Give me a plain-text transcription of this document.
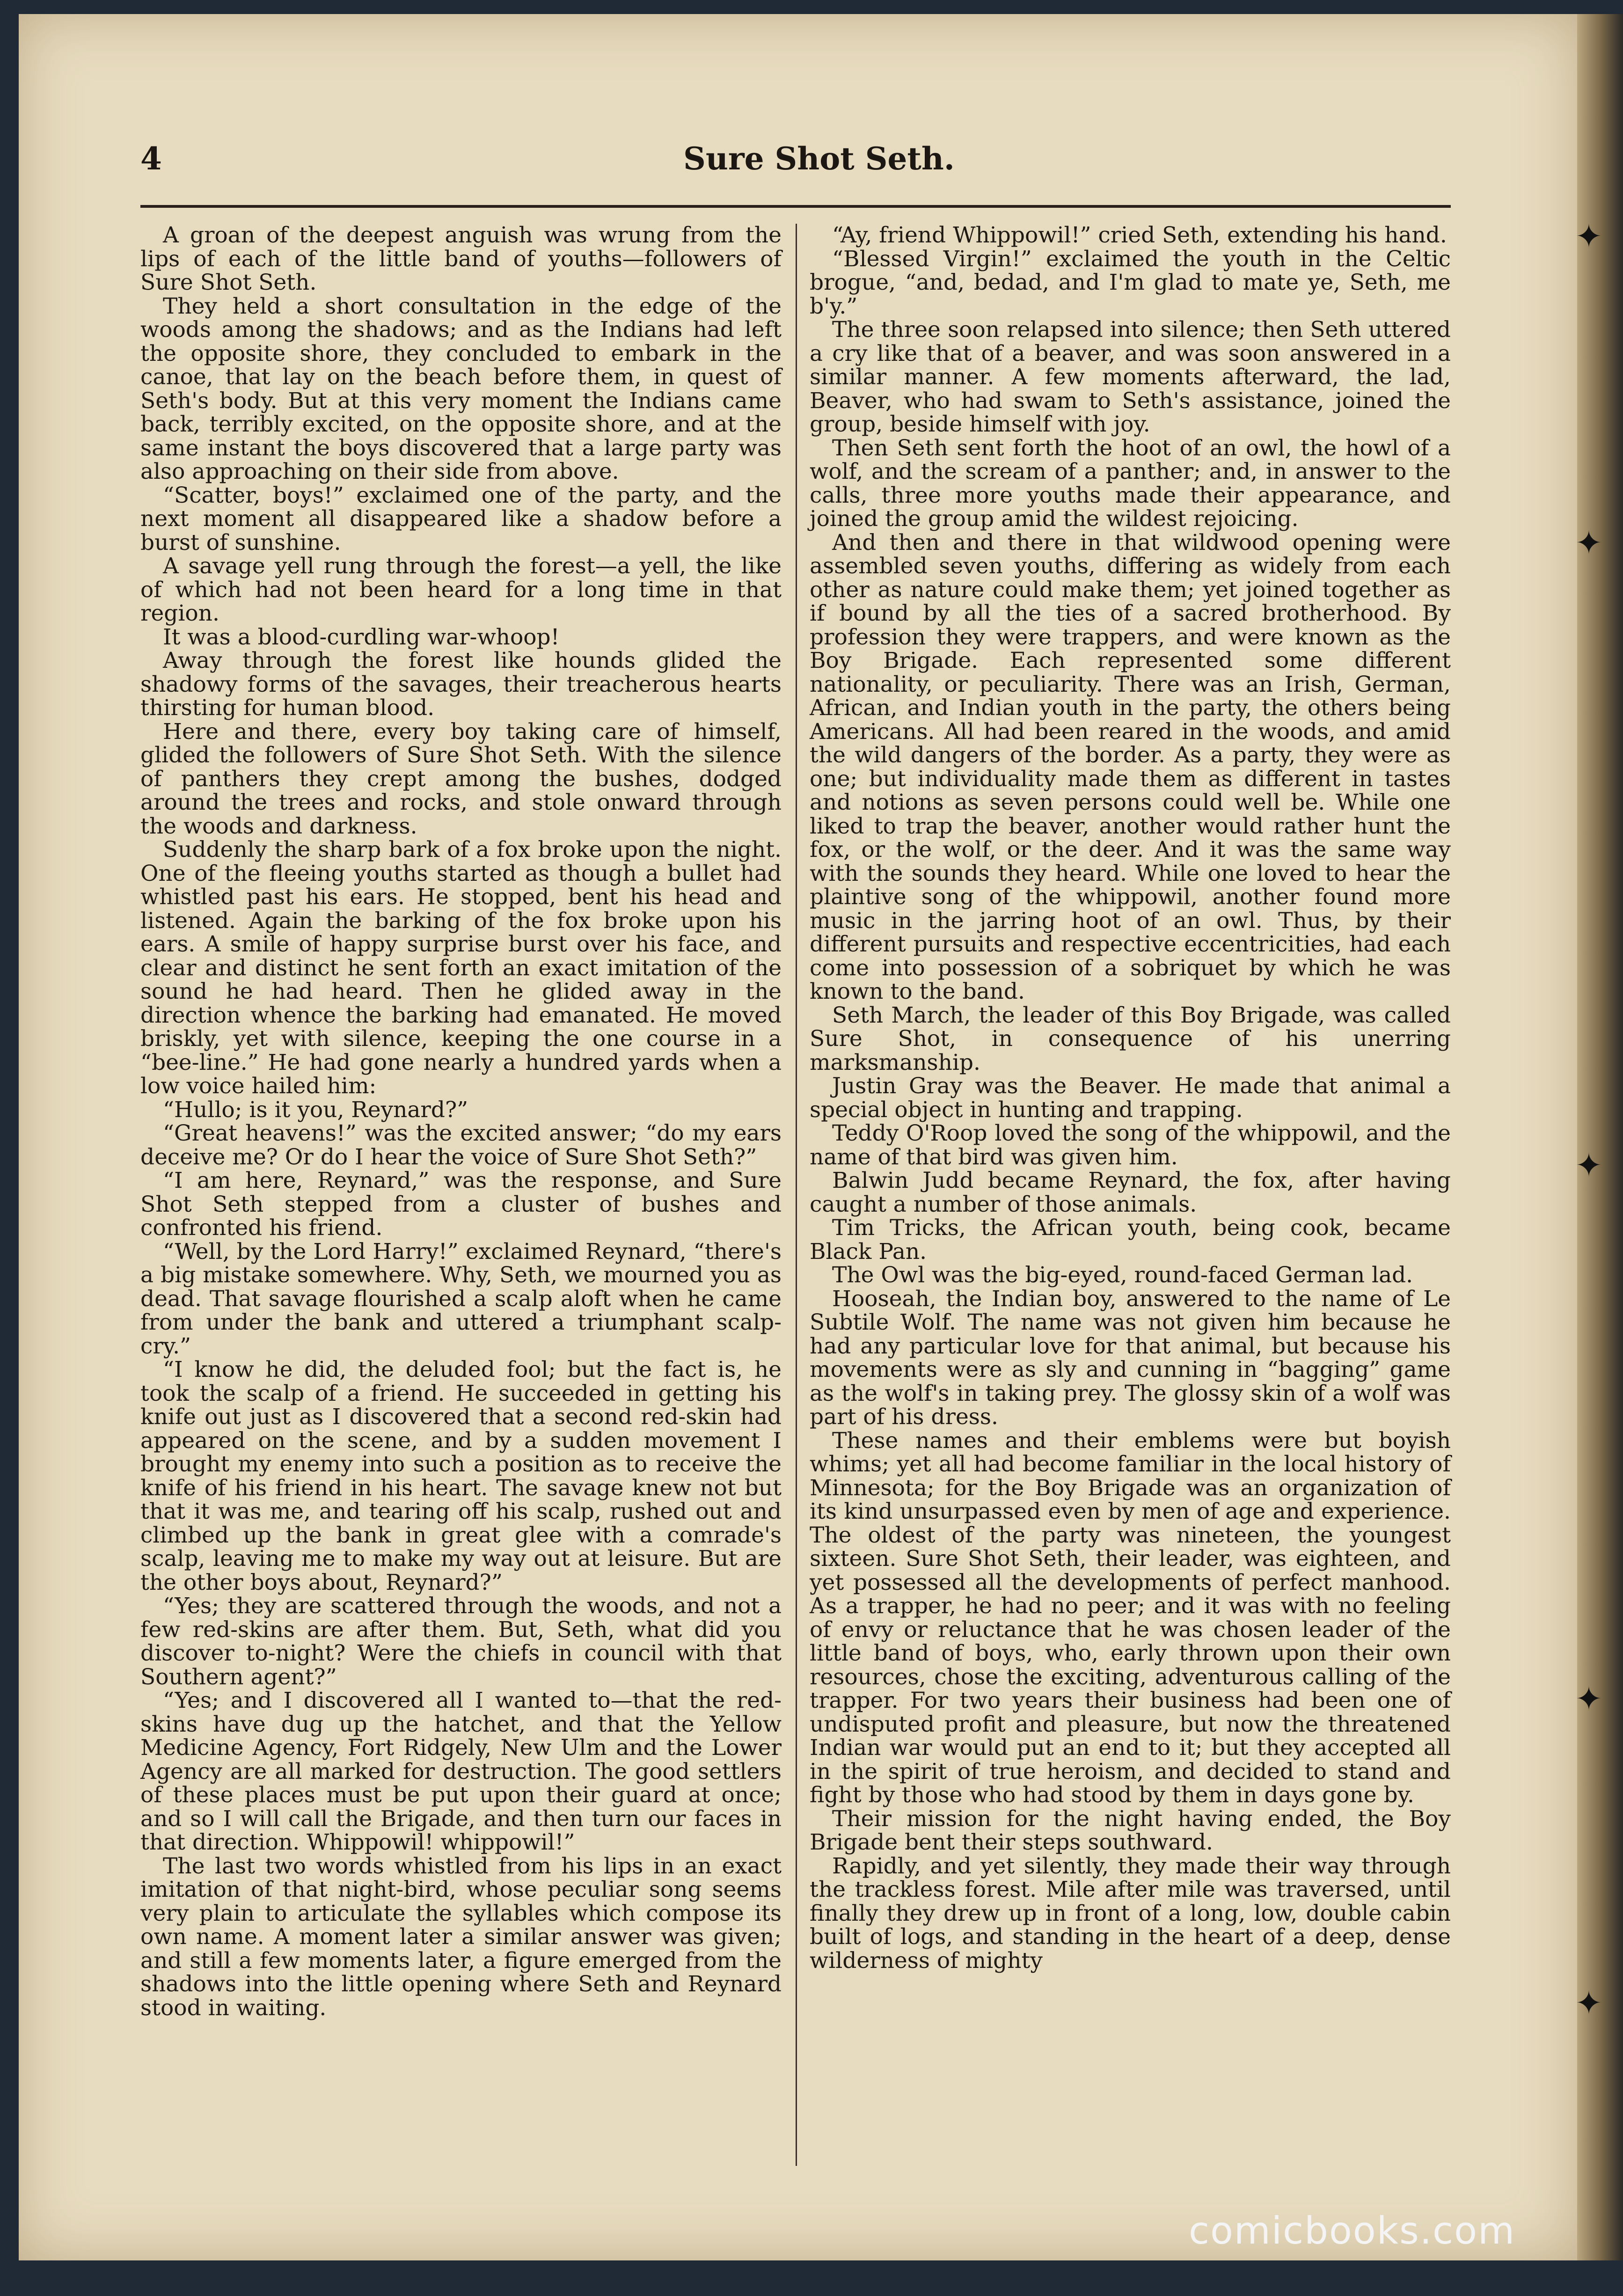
✦
✦
✦
✦
✦
4	Sure Shot Seth.

A groan of the deepest anguish was wrung from the lips of each of the little band of youths—followers of Sure Shot Seth.

They held a short consultation in the edge of the woods among the shadows; and as the Indians had left the opposite shore, they concluded to embark in the canoe, that lay on the beach before them, in quest of Seth's body. But at this very moment the Indians came back, terribly excited, on the opposite shore, and at the same instant the boys discovered that a large party was also approaching on their side from above.

“Scatter, boys!” exclaimed one of the party, and the next moment all disappeared like a shadow before a burst of sunshine.

A savage yell rung through the forest—a yell, the like of which had not been heard for a long time in that region.

It was a blood-curdling war-whoop!

Away through the forest like hounds glided the shadowy forms of the savages, their treacherous hearts thirsting for human blood.

Here and there, every boy taking care of himself, glided the followers of Sure Shot Seth. With the silence of panthers they crept among the bushes, dodged around the trees and rocks, and stole onward through the woods and darkness.

Suddenly the sharp bark of a fox broke upon the night. One of the fleeing youths started as though a bullet had whistled past his ears. He stopped, bent his head and listened. Again the barking of the fox broke upon his ears. A smile of happy surprise burst over his face, and clear and distinct he sent forth an exact imitation of the sound he had heard. Then he glided away in the direction whence the barking had emanated. He moved briskly, yet with silence, keeping the one course in a “bee-line.” He had gone nearly a hundred yards when a low voice hailed him:

“Hullo; is it you, Reynard?”

“Great heavens!” was the excited answer; “do my ears deceive me? Or do I hear the voice of Sure Shot Seth?”

“I am here, Reynard,” was the response, and Sure Shot Seth stepped from a cluster of bushes and confronted his friend.

“Well, by the Lord Harry!” exclaimed Reynard, “there's a big mistake somewhere. Why, Seth, we mourned you as dead. That savage flourished a scalp aloft when he came from under the bank and uttered a triumphant scalp-cry.”

“I know he did, the deluded fool; but the fact is, he took the scalp of a friend. He succeeded in getting his knife out just as I discovered that a second red-skin had appeared on the scene, and by a sudden movement I brought my enemy into such a position as to receive the knife of his friend in his heart. The savage knew not but that it was me, and tearing off his scalp, rushed out and climbed up the bank in great glee with a comrade's scalp, leaving me to make my way out at leisure. But are the other boys about, Reynard?”

“Yes; they are scattered through the woods, and not a few red-skins are after them. But, Seth, what did you discover to-night? Were the chiefs in council with that Southern agent?”

“Yes; and I discovered all I wanted to—that the red-skins have dug up the hatchet, and that the Yellow Medicine Agency, Fort Ridgely, New Ulm and the Lower Agency are all marked for destruction. The good settlers of these places must be put upon their guard at once; and so I will call the Brigade, and then turn our faces in that direction. Whippowil! whippowil!”

The last two words whistled from his lips in an exact imitation of that night-bird, whose peculiar song seems very plain to articulate the syllables which compose its own name. A moment later a similar answer was given; and still a few moments later, a figure emerged from the shadows into the little opening where Seth and Reynard stood in waiting.

“Ay, friend Whippowil!” cried Seth, extending his hand.

“Blessed Virgin!” exclaimed the youth in the Celtic brogue, “and, bedad, and I'm glad to mate ye, Seth, me b'y.”

The three soon relapsed into silence; then Seth uttered a cry like that of a beaver, and was soon answered in a similar manner. A few moments afterward, the lad, Beaver, who had swam to Seth's assistance, joined the group, beside himself with joy.

Then Seth sent forth the hoot of an owl, the howl of a wolf, and the scream of a panther; and, in answer to the calls, three more youths made their appearance, and joined the group amid the wildest rejoicing.

And then and there in that wildwood opening were assembled seven youths, differing as widely from each other as nature could make them; yet joined together as if bound by all the ties of a sacred brotherhood. By profession they were trappers, and were known as the Boy Brigade. Each represented some different nationality, or peculiarity. There was an Irish, German, African, and Indian youth in the party, the others being Americans. All had been reared in the woods, and amid the wild dangers of the border. As a party, they were as one; but individuality made them as different in tastes and notions as seven persons could well be. While one liked to trap the beaver, another would rather hunt the fox, or the wolf, or the deer. And it was the same way with the sounds they heard. While one loved to hear the plaintive song of the whippowil, another found more music in the jarring hoot of an owl. Thus, by their different pursuits and respective eccentricities, had each come into possession of a sobriquet by which he was known to the band.

Seth March, the leader of this Boy Brigade, was called Sure Shot, in consequence of his unerring marksmanship.

Justin Gray was the Beaver. He made that animal a special object in hunting and trapping.

Teddy O'Roop loved the song of the whippowil, and the name of that bird was given him.

Balwin Judd became Reynard, the fox, after having caught a number of those animals.

Tim Tricks, the African youth, being cook, became Black Pan.

The Owl was the big-eyed, round-faced German lad.

Hooseah, the Indian boy, answered to the name of Le Subtile Wolf. The name was not given him because he had any particular love for that animal, but because his movements were as sly and cunning in “bagging” game as the wolf's in taking prey. The glossy skin of a wolf was part of his dress.

These names and their emblems were but boyish whims; yet all had become familiar in the local history of Minnesota; for the Boy Brigade was an organization of its kind unsurpassed even by men of age and experience. The oldest of the party was nineteen, the youngest sixteen. Sure Shot Seth, their leader, was eighteen, and yet possessed all the developments of perfect manhood. As a trapper, he had no peer; and it was with no feeling of envy or reluctance that he was chosen leader of the little band of boys, who, early thrown upon their own resources, chose the exciting, adventurous calling of the trapper. For two years their business had been one of undisputed profit and pleasure, but now the threatened Indian war would put an end to it; but they accepted all in the spirit of true heroism, and decided to stand and fight by those who had stood by them in days gone by.

Their mission for the night having ended, the Boy Brigade bent their steps southward.

Rapidly, and yet silently, they made their way through the trackless forest. Mile after mile was traversed, until finally they drew up in front of a long, low, double cabin built of logs, and standing in the heart of a deep, dense wilderness of mighty

comicbooks.com
